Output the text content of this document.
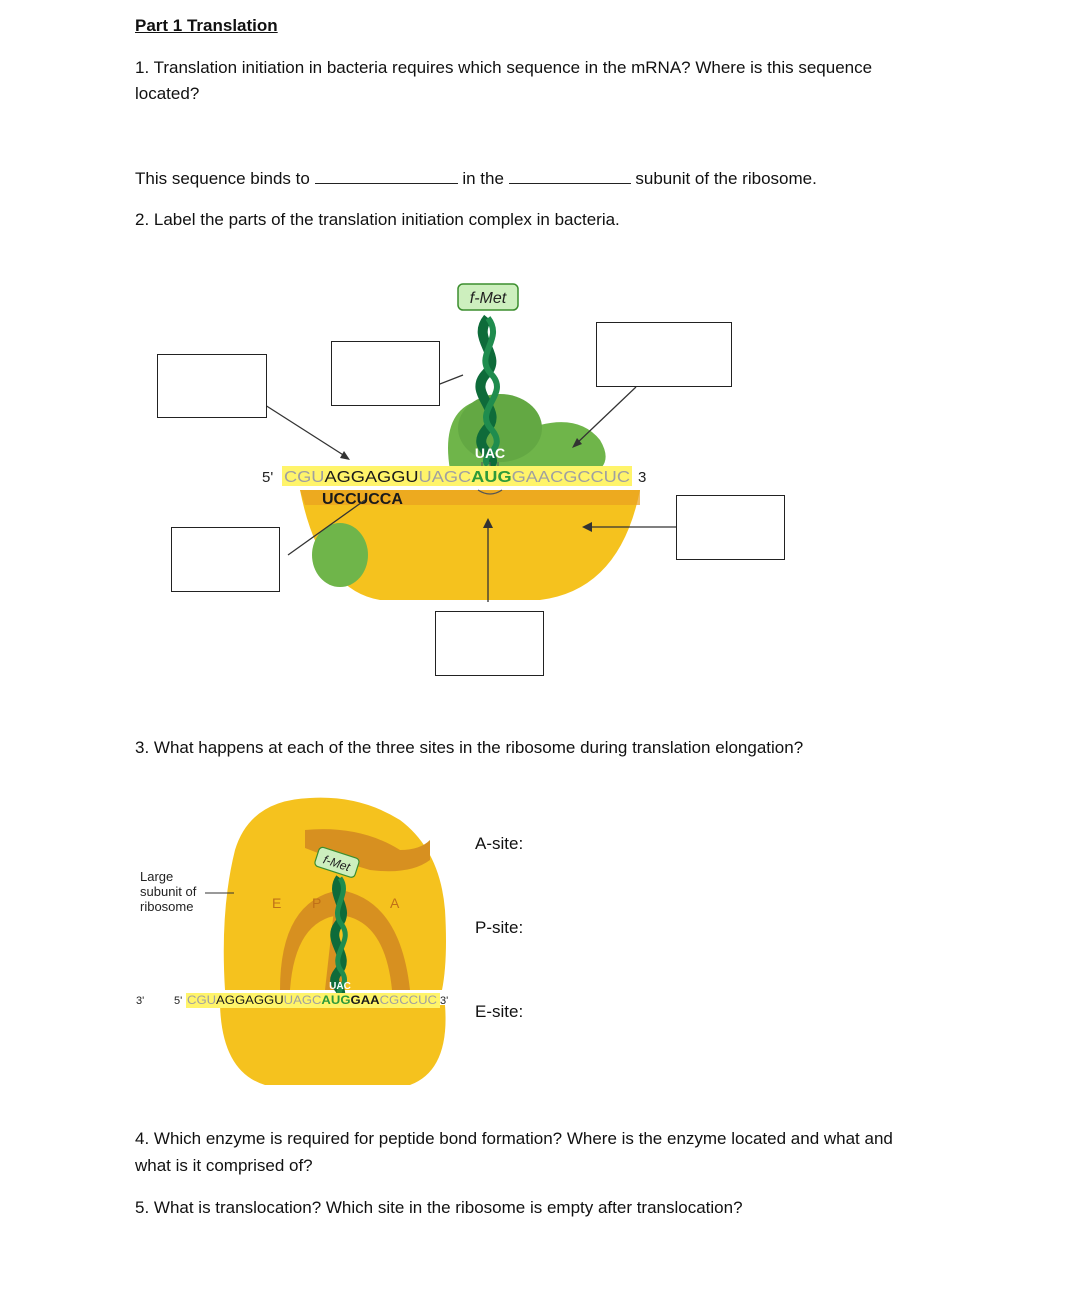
Part 1 Translation

1. Translation initiation in bacteria requires which sequence in the mRNA? Where is this sequence

located?

This sequence binds to	in the	subunit of the ribosome.

2. Label the parts of the translation initiation complex in bacteria.

f-Met
UAC
5' CGU AGGAGGU UAGC AUG GAACGCCUC	3
UCCUCCA

3. What happens at each of the three sites in the ribosome during translation elongation?

f-Met
E P	A
UAC
3'	5' CGU AGGAGGU UAGC AUG GAA CGCCUC 3'
Large
subunit of
ribosome
A-site:
P-site:
E-site:

4. Which enzyme is required for peptide bond formation? Where is the enzyme located and what and

what is it comprised of?

5. What is translocation? Which site in the ribosome is empty after translocation?
